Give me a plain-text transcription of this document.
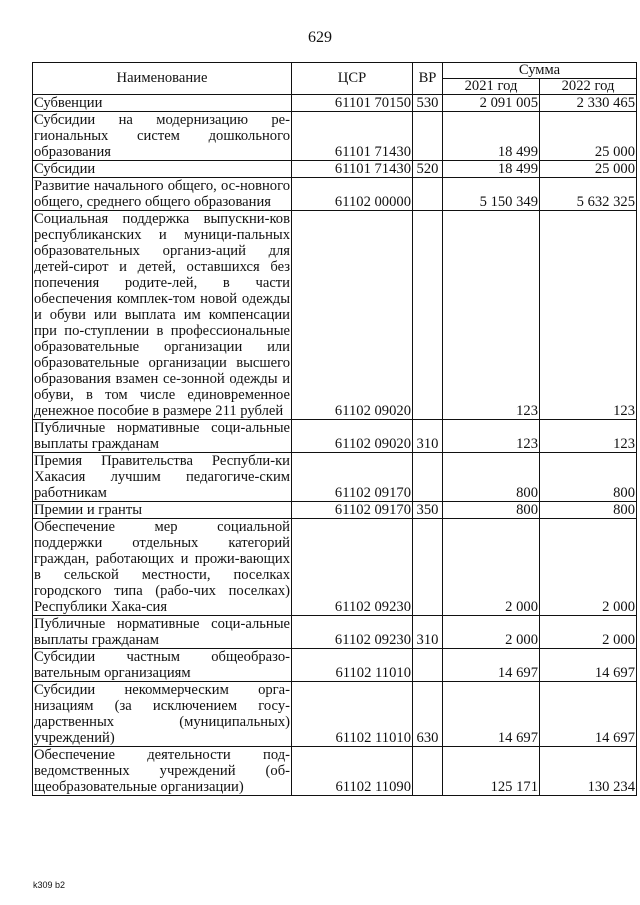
629
Наименование	ЦСР	ВР	Сумма	
			2021 год	2022 год
Субвенции	61101 70150	530	2 091 005	2 330 465
Субсидии на модернизацию ре-гиональных систем дошкольного образования	61101 71430		18 499	25 000
Субсидии	61101 71430	520	18 499	25 000
Развитие начального общего, ос-новного общего, среднего общего образования	61102 00000		5 150 349	5 632 325
Социальная поддержка выпускни-ков республиканских и муници-пальных образовательных организ-аций для детей-сирот и детей, оставшихся без попечения родите-лей, в части обеспечения комплек-том новой одежды и обуви или выплата им компенсации при по-ступлении в профессиональные образовательные организации или образовательные организации высшего образования взамен се-зонной одежды и обуви, в том числе единовременное денежное пособие в размере 211 рублей	61102 09020		123	123
Публичные нормативные соци-альные выплаты гражданам	61102 09020	310	123	123
Премия Правительства Республи-ки Хакасия лучшим педагогиче-ским работникам	61102 09170		800	800
Премии и гранты	61102 09170	350	800	800
Обеспечение мер социальной поддержки отдельных категорий граждан, работающих и прожи-вающих в сельской местности, поселках городского типа (рабо-чих поселках) Республики Хака-сия	61102 09230		2 000	2 000
Публичные нормативные соци-альные выплаты гражданам	61102 09230	310	2 000	2 000
Субсидии частным общеобразо-вательным организациям	61102 11010		14 697	14 697
Субсидии некоммерческим орга-низациям (за исключением госу-дарственных (муниципальных) учреждений)	61102 11010	630	14 697	14 697
Обеспечение деятельности под-ведомственных учреждений (об-щеобразовательные организации)	61102 11090		125 171	130 234
k309 b2
